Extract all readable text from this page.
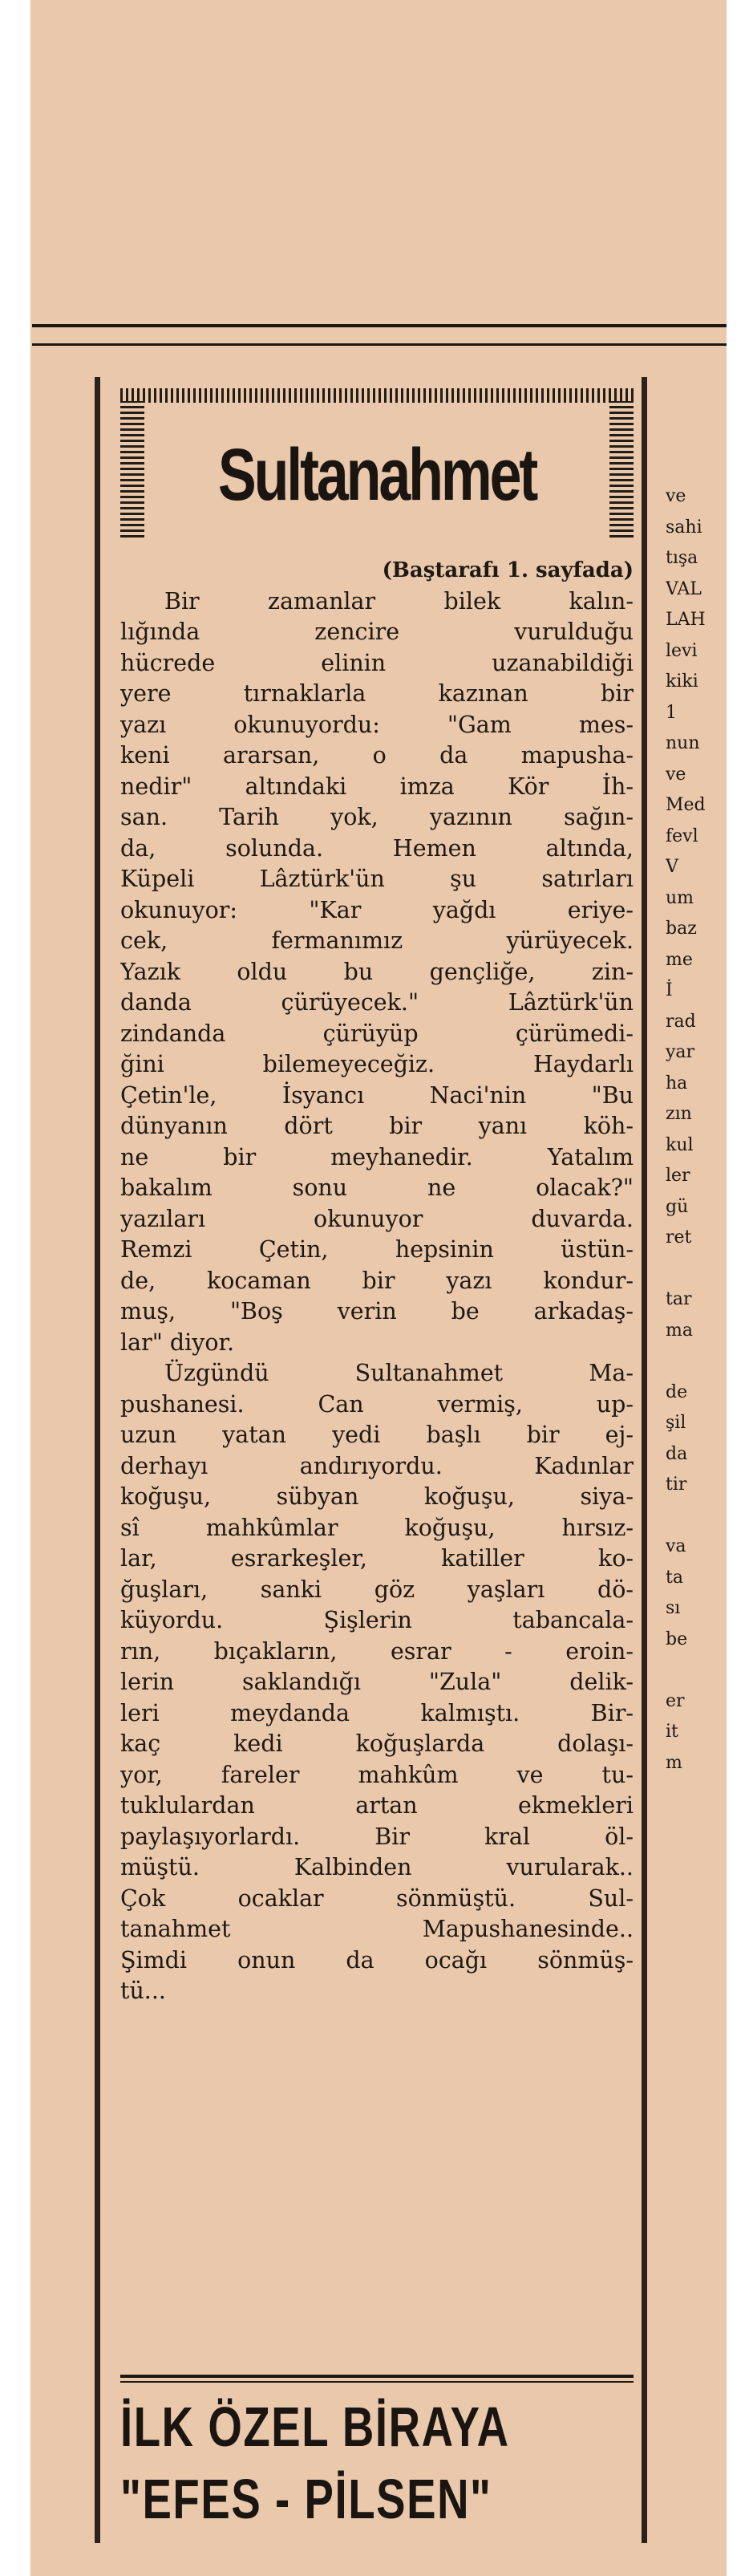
Sultanahmet
(Baştarafı 1. sayfada)
Bir zamanlar bilek kalın-
lığında zencire vurulduğu
hücrede elinin uzanabildiği
yere tırnaklarla kazınan bir
yazı okunuyordu: "Gam mes-
keni ararsan, o da mapusha-
nedir" altındaki imza Kör İh-
san. Tarih yok, yazının sağın-
da, solunda. Hemen altında,
Küpeli Lâztürk'ün şu satırları
okunuyor: "Kar yağdı eriye-
cek, fermanımız yürüyecek.
Yazık oldu bu gençliğe, zin-
danda çürüyecek." Lâztürk'ün
zindanda çürüyüp çürümedi-
ğini bilemeyeceğiz. Haydarlı
Çetin'le, İsyancı Naci'nin "Bu
dünyanın dört bir yanı köh-
ne bir meyhanedir. Yatalım
bakalım sonu ne olacak?"
yazıları okunuyor duvarda.
Remzi Çetin, hepsinin üstün-
de, kocaman bir yazı kondur-
muş, "Boş verin be arkadaş-
lar" diyor.
Üzgündü Sultanahmet Ma-
pushanesi. Can vermiş, up-
uzun yatan yedi başlı bir ej-
derhayı andırıyordu. Kadınlar
koğuşu, sübyan koğuşu, siya-
sî mahkûmlar koğuşu, hırsız-
lar, esrarkeşler, katiller ko-
ğuşları, sanki göz yaşları dö-
küyordu. Şişlerin tabancala-
rın, bıçakların, esrar - eroin-
lerin saklandığı "Zula" delik-
leri meydanda kalmıştı. Bir-
kaç kedi koğuşlarda dolaşı-
yor, fareler mahkûm ve tu-
tuklulardan artan ekmekleri
paylaşıyorlardı. Bir kral öl-
müştü. Kalbinden vurularak..
Çok ocaklar sönmüştü. Sul-
tanahmet Mapushanesinde..
Şimdi onun da ocağı sönmüş-
tü...
İLK ÖZEL BİRAYA
"EFES - PİLSEN"
ve
sahi
tışa
VAL
LAH
levi
kiki
1
nun
ve
Med
fevl
V
um
baz
me
İ
rad
yar
ha
zın
kul
ler
gü
ret
tar
ma
de
şil
da
tir
va
ta
sı
be
er
it
m
